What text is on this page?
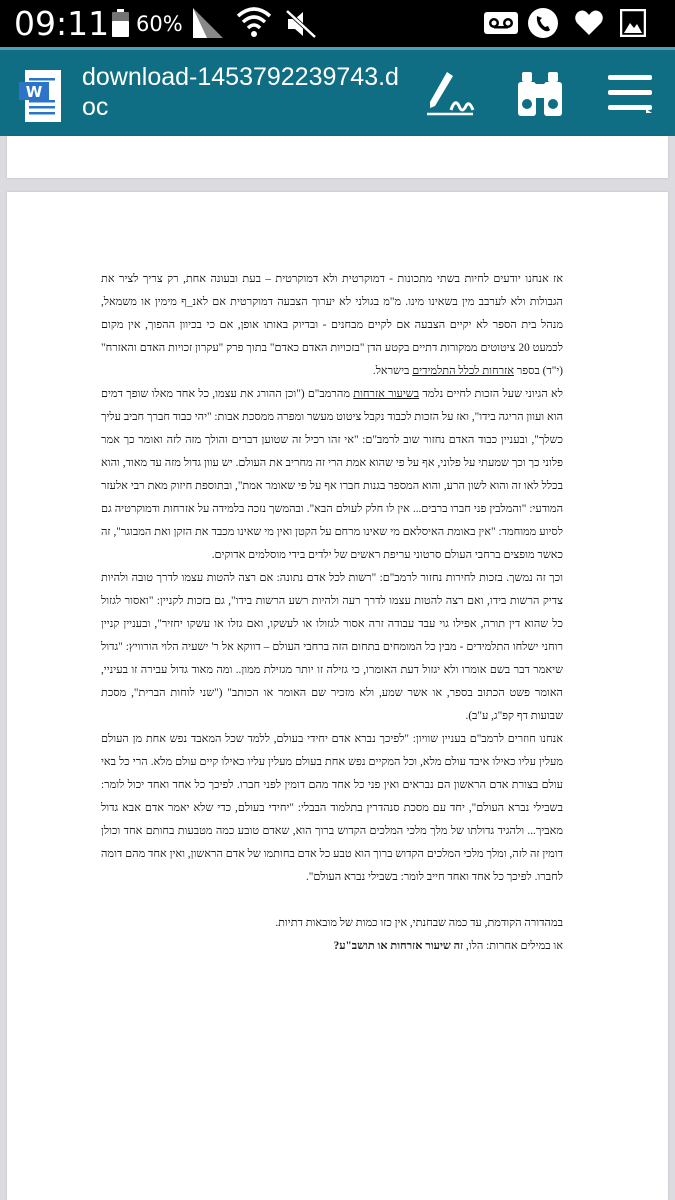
09:11 60%
W
download-1453792239743.doc

אז אנחנו יודעים לחיות בשתי מתכונות - דמוקרטית ולא דמוקרטית – בעת ובעונה אחת, רק צריך לציר את הגבולות ולא לערבב מין בשאינו מינו. מ"מ בגולני לא יערוך הצבעה דמוקרטית אם לאנ_ף מימין או משמאל, מנהל בית הספר לא יקיים הצבעה אם לקיים מבחנים - ובדיוק באותו אופן, אם כי בכיוון ההפוך, אין מקום לכמעט 20 ציטוטים ממקורות דתיים בקטע הדן "בזכויות האדם כאדם" בתוך פרק "עקרון זכויות האדם והאזרח" (י"ד) בספר אזרחות לכלל התלמידים בישראל.

לא הגיוני שעל הזכות לחיים נלמד בשיעור אזרחות מהרמב"ם ("וכן ההורג את עצמו, כל אחד מאלו שופך דמים הוא ועוון הריגה בידו", ואז על הזכות לכבוד נקבל ציטוט מעשר ומפרה ממסכת אבות: "יהי כבוד חברך חביב עליך כשלך", ובעניין כבוד האדם נחזור שוב לרמב"ם: "אי זהו רכיל זה שטוען דברים והולך מזה לזה ואומר כך אמר פלוני כך וכך שמעתי על פלוני, אף על פי שהוא אמת הרי זה מחריב את העולם. יש עוון גדול מזה עד מאוד, והוא בכלל לאו זה והוא לשון הרע, והוא המספר בגנות חברו אף על פי שאומר אמת", ובתוספת חיזוק מאת רבי אלעזר המודעי: "והמלבין פני חברו ברבים... אין לו חלק לעולם הבא". ובהמשך נזכה בלמידה על אזרחות ודמוקרטיה גם לסיוע ממוחמד: "אין באומת האיסלאם מי שאינו מרחם על הקטן ואין מי שאינו מכבד את הזקן ואת המבוגר", זה כאשר מופצים ברחבי העולם סרטוני עריפת ראשים של ילדים בידי מוסלמים אדוקים.

וכך זה נמשך. בזכות לחירות נחזור לרמב"ם: "רשות לכל אדם נתונה: אם רצה להטות עצמו לדרך טובה ולהיות צדיק הרשות בידו, ואם רצה להטות עצמו לדרך רעה ולהיות רשע הרשות בידו", גם בזכות לקניין: "ואסור לגזול כל שהוא דין תורה, אפילו גוי עבד עבודה זרה אסור לגזולו או לעשקו, ואם גזלו או עשקו יחזיר", ובעניין קניין רוחני ישלחו התלמידים - מבין כל המומחים בתחום הזה ברחבי העולם – דווקא אל ר' ישעיה הלוי הורוויץ: "גדול שיאמר דבר בשם אומרו ולא יגזול דעת האומרו, כי גזילה זו יותר מגזילת ממון.. ומה מאוד גדול עבירה זו בעיניי, האומר פשט הכתוב בספר, או אשר שמע, ולא מזכיר שם האומר או הכותב" ("שני לוחות הברית", מסכת שבועות דף קפ"ג, ע"ב).

אנחנו חוזרים לרמב"ם בעניין שוויון: "לפיכך נברא אדם יחידי בעולם, ללמד שכל המאבד נפש אחת מן העולם מעלין עליו כאילו איבד עולם מלא, וכל המקיים נפש אחת בעולם מעלין עליו כאילו קיים עולם מלא. הרי כל באי עולם בצורת אדם הראשון הם נבראים ואין פני כל אחד מהם דומין לפני חברו. לפיכך כל אחד ואחד יכול לומר: בשבילי נברא העולם", יחד עם מסכת סנהדרין בתלמוד הבבלי: "יחידי בעולם, כדי שלא יאמר אדם אבא גדול מאביך... ולהגיד גדולתו של מלך מלכי המלכים הקדוש ברוך הוא, שאדם טובע כמה מטבעות בחותם אחד וכולן דומין זה לזה, ומלך מלכי המלכים הקדוש ברוך הוא טבע כל אדם בחותמו של אדם הראשון, ואין אחד מהם דומה לחברו. לפיכך כל אחד ואחד חייב לומר: בשבילי נברא העולם".

במהדורה הקודמת, עד כמה שבחנתי, אין כזו כמות של מובאות דתיות.

או במילים אחרות: הלו, זה שיעור אזרחות או תושב"ע?
